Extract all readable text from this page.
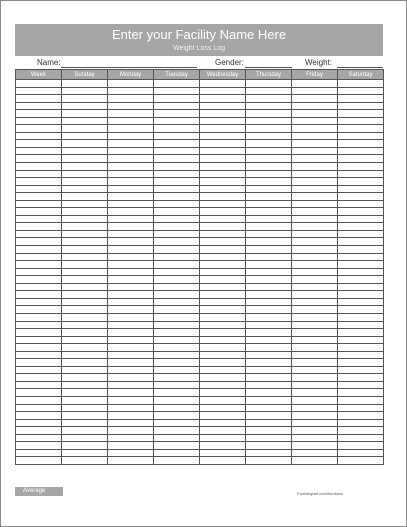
Enter your Facility Name Here
Weight Loss Log
Name:	Gender:	Weight:
Week	Sunday	Monday	Tuesday	Wednesday	Thursday	Friday	Saturday

Average	Formsbynet.com/fomsbox
